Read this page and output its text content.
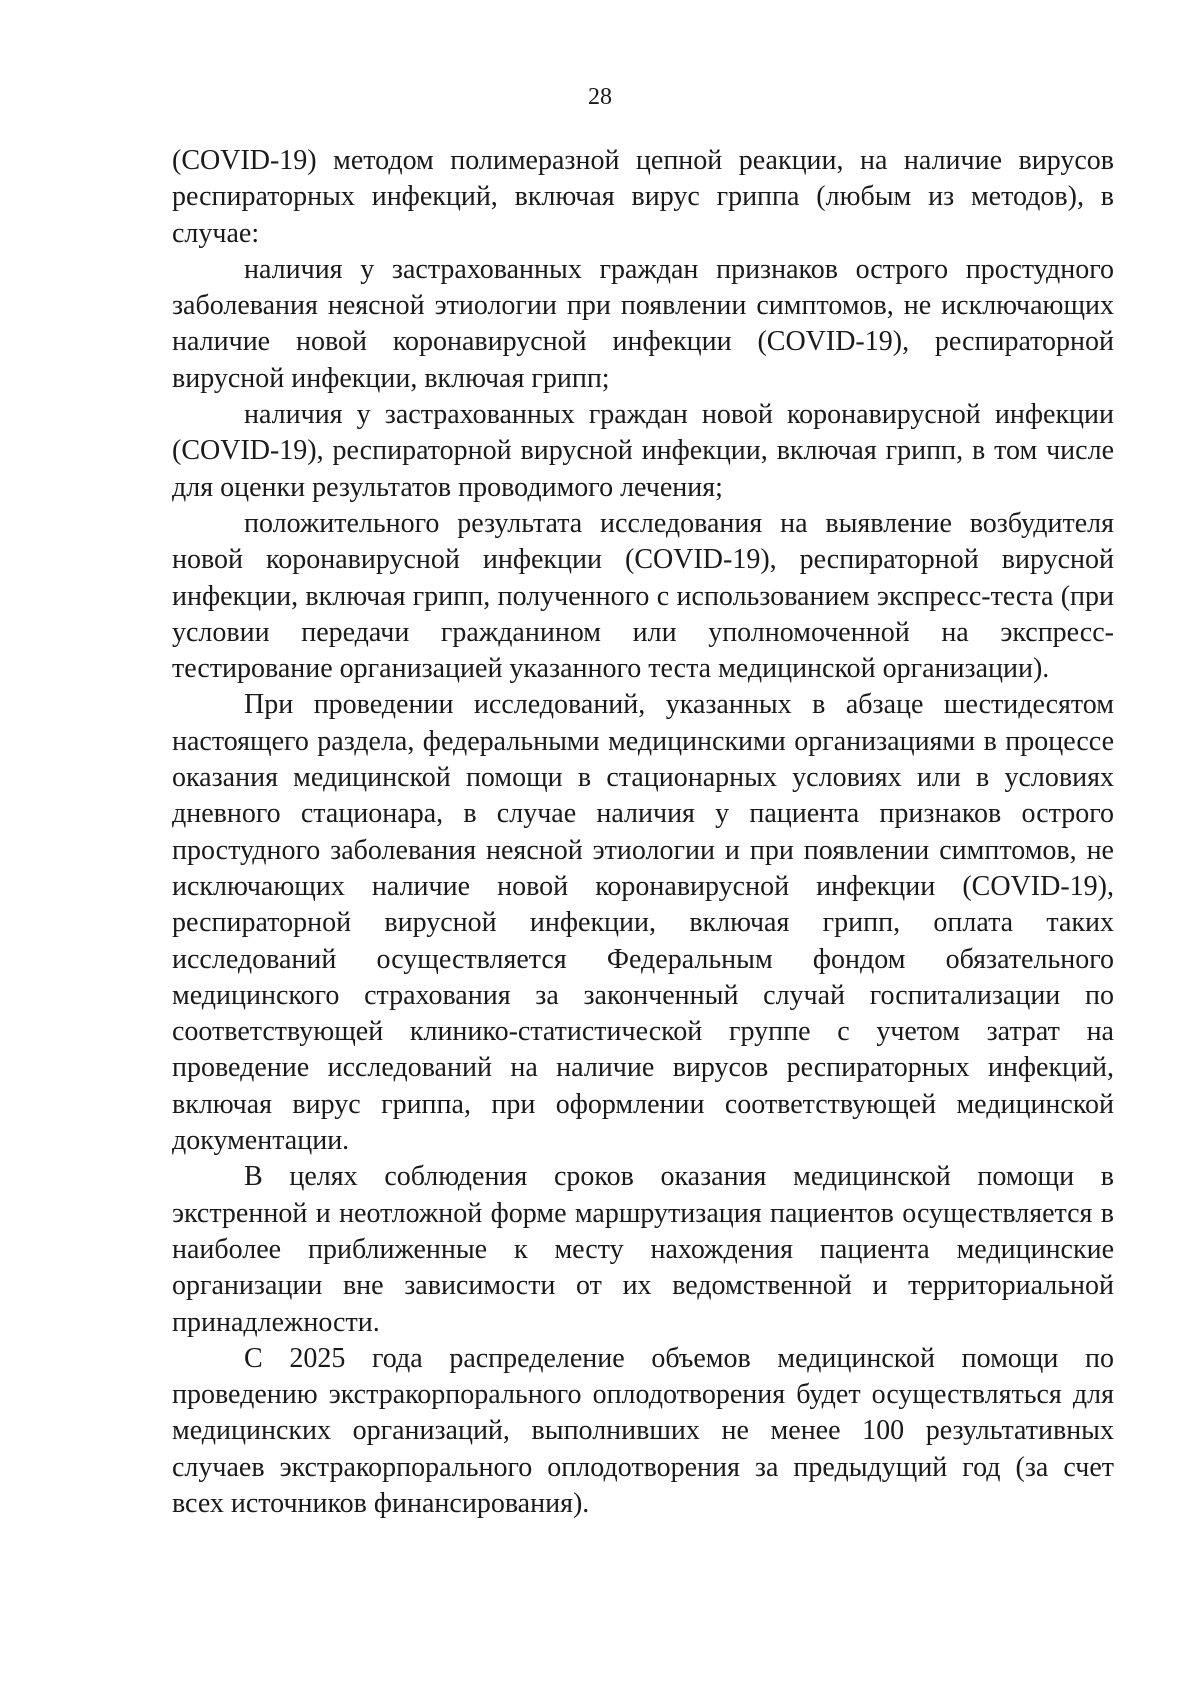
28

(COVID-19) методом полимеразной цепной реакции, на наличие вирусов респираторных инфекций, включая вирус гриппа (любым из методов), в случае:

наличия у застрахованных граждан признаков острого простудного заболевания неясной этиологии при появлении симптомов, не исключающих наличие новой коронавирусной инфекции (COVID-19), респираторной вирусной инфекции, включая грипп;

наличия у застрахованных граждан новой коронавирусной инфекции (COVID-19), респираторной вирусной инфекции, включая грипп, в том числе для оценки результатов проводимого лечения;

положительного результата исследования на выявление возбудителя новой коронавирусной инфекции (COVID-19), респираторной вирусной инфекции, включая грипп, полученного с использованием экспресс-теста (при условии передачи гражданином или уполномоченной на экспресс-тестирование организацией указанного теста медицинской организации).

При проведении исследований, указанных в абзаце шестидесятом настоящего раздела, федеральными медицинскими организациями в процессе оказания медицинской помощи в стационарных условиях или в условиях дневного стационара, в случае наличия у пациента признаков острого простудного заболевания неясной этиологии и при появлении симптомов, не исключающих наличие новой коронавирусной инфекции (COVID-19), респираторной вирусной инфекции, включая грипп, оплата таких исследований осуществляется Федеральным фондом обязательного медицинского страхования за законченный случай госпитализации по соответствующей клинико-статистической группе с учетом затрат на проведение исследований на наличие вирусов респираторных инфекций, включая вирус гриппа, при оформлении соответствующей медицинской документации.

В целях соблюдения сроков оказания медицинской помощи в экстренной и неотложной форме маршрутизация пациентов осуществляется в наиболее приближенные к месту нахождения пациента медицинские организации вне зависимости от их ведомственной и территориальной принадлежности.

С 2025 года распределение объемов медицинской помощи по проведению экстракорпорального оплодотворения будет осуществляться для медицинских организаций, выполнивших не менее 100 результативных случаев экстракорпорального оплодотворения за предыдущий год (за счет всех источников финансирования).
